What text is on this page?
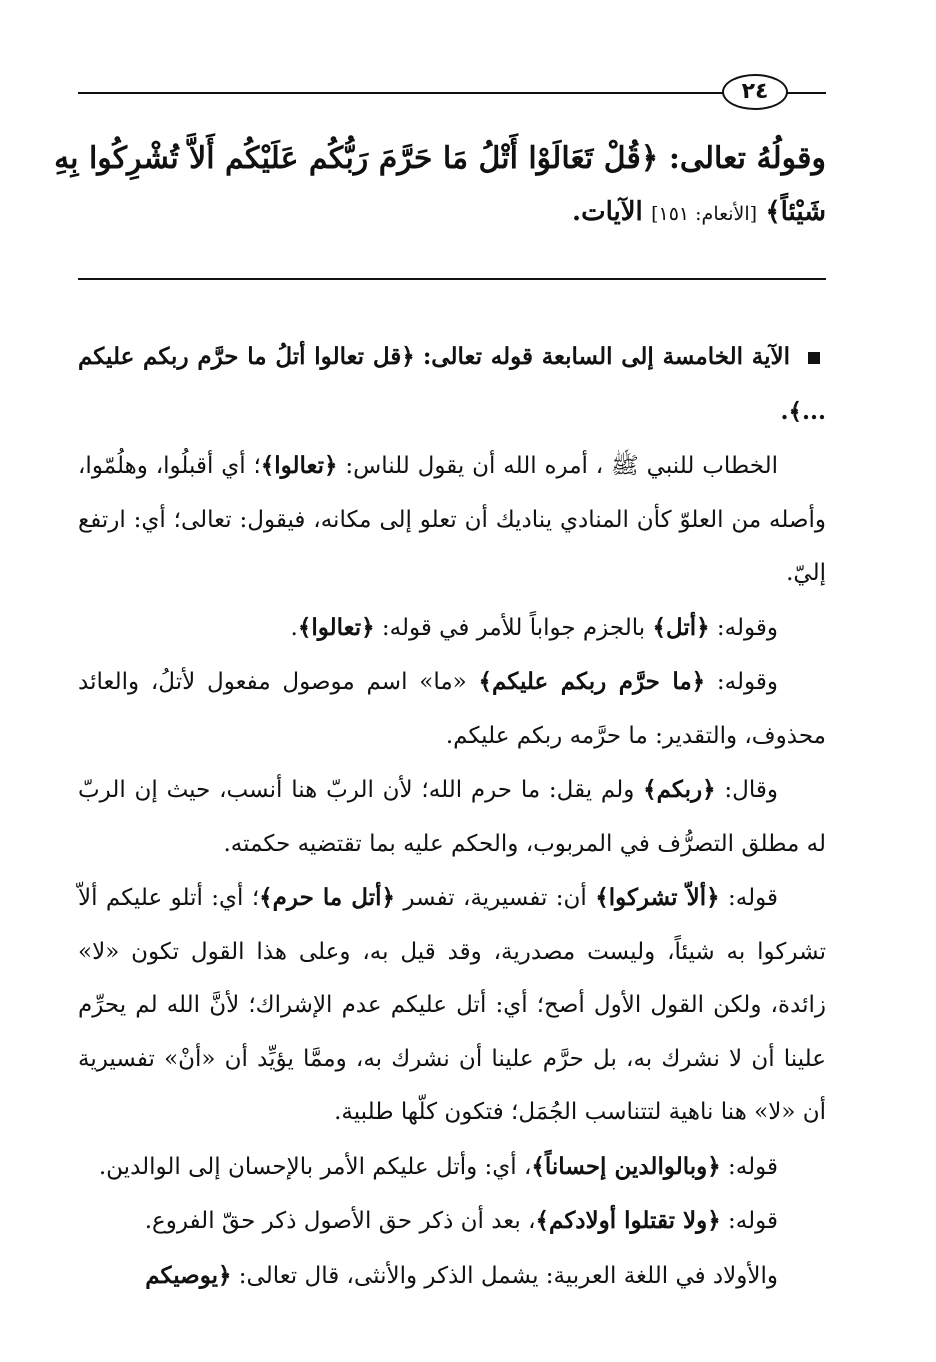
٢٤
وقولُهُ تعالى: ﴿قُلْ تَعَالَوْا أَتْلُ مَا حَرَّمَ رَبُّكُم عَلَيْكُم أَلاَّ تُشْرِكُوا بِهِ
شَيْئاً﴾ [الأنعام: ١٥١] الآيات.

الآية الخامسة إلى السابعة قوله تعالى: ﴿قل تعالوا أتلُ ما حرَّم ربكم عليكم ...﴾.

الخطاب للنبي ﷺ ، أمره الله أن يقول للناس: ﴿تعالوا﴾؛ أي أقبلُوا، وهلُمّوا، وأصله من العلوّ كأن المنادي يناديك أن تعلو إلى مكانه، فيقول: تعالى؛ أي: ارتفع إليّ.

وقوله: ﴿أتل﴾ بالجزم جواباً للأمر في قوله: ﴿تعالوا﴾.

وقوله: ﴿ما حرَّم ربكم عليكم﴾ «ما» اسم موصول مفعول لأتلُ، والعائد محذوف، والتقدير: ما حرَّمه ربكم عليكم.

وقال: ﴿ربكم﴾ ولم يقل: ما حرم الله؛ لأن الربّ هنا أنسب، حيث إن الربّ له مطلق التصرُّف في المربوب، والحكم عليه بما تقتضيه حكمته.

قوله: ﴿ألاّ تشركوا﴾ أن: تفسيرية، تفسر ﴿أتل ما حرم﴾؛ أي: أتلو عليكم ألاّ تشركوا به شيئاً، وليست مصدرية، وقد قيل به، وعلى هذا القول تكون «لا» زائدة، ولكن القول الأول أصح؛ أي: أتل عليكم عدم الإشراك؛ لأنَّ الله لم يحرِّم علينا أن لا نشرك به، بل حرَّم علينا أن نشرك به، وممَّا يؤيِّد أن «أنْ» تفسيرية أن «لا» هنا ناهية لتتناسب الجُمَل؛ فتكون كلّها طلبية.

قوله: ﴿وبالوالدين إحساناً﴾، أي: وأتل عليكم الأمر بالإحسان إلى الوالدين.

قوله: ﴿ولا تقتلوا أولادكم﴾، بعد أن ذكر حق الأصول ذكر حقّ الفروع.

والأولاد في اللغة العربية: يشمل الذكر والأنثى، قال تعالى: ﴿يوصيكم
